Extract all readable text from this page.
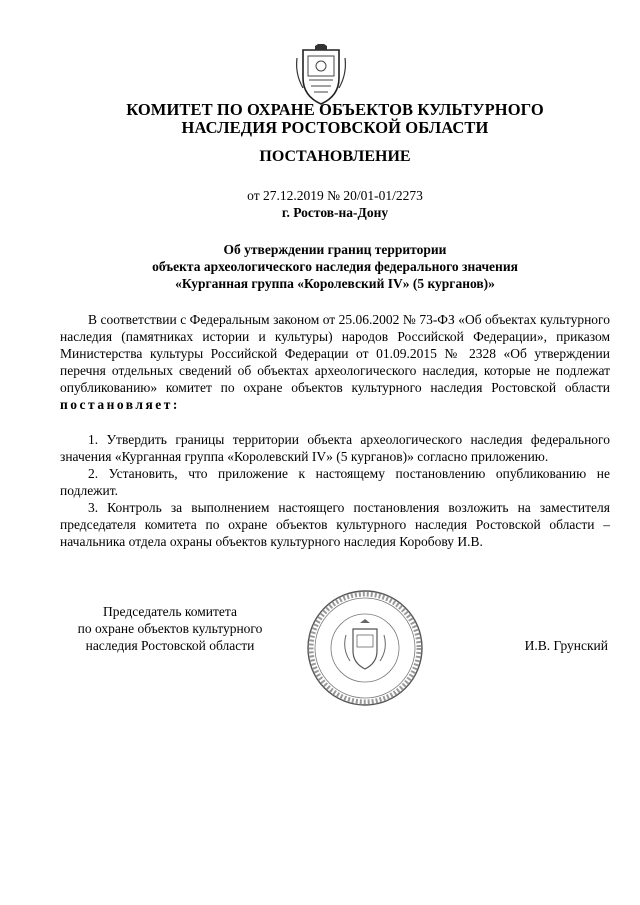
КОМИТЕТ ПО ОХРАНЕ ОБЪЕКТОВ КУЛЬТУРНОГО
НАСЛЕДИЯ РОСТОВСКОЙ ОБЛАСТИ
ПОСТАНОВЛЕНИЕ
от 27.12.2019 № 20/01-01/2273
г. Ростов-на-Дону
Об утверждении границ территории
объекта археологического наследия федерального значения
«Курганная группа «Королевский IV» (5 курганов)»

В соответствии с Федеральным законом от 25.06.2002 № 73-ФЗ «Об объектах культурного наследия (памятниках истории и культуры) народов Российской Федерации», приказом Министерства культуры Российской Федерации от 01.09.2015 № 2328 «Об утверждении перечня отдельных сведений об объектах археологического наследия, которые не подлежат опубликованию» комитет по охране объектов культурного наследия Ростовской области постановляет:

1. Утвердить границы территории объекта археологического наследия федерального значения «Курганная группа «Королевский IV» (5 курганов)» согласно приложению.

2. Установить, что приложение к настоящему постановлению опубликованию не подлежит.

3. Контроль за выполнением настоящего постановления возложить на заместителя председателя комитета по охране объектов культурного наследия Ростовской области – начальника отдела охраны объектов культурного наследия Коробову И.В.

Председатель комитета
по охране объектов культурного
наследия Ростовской области	И.В. Грунский
